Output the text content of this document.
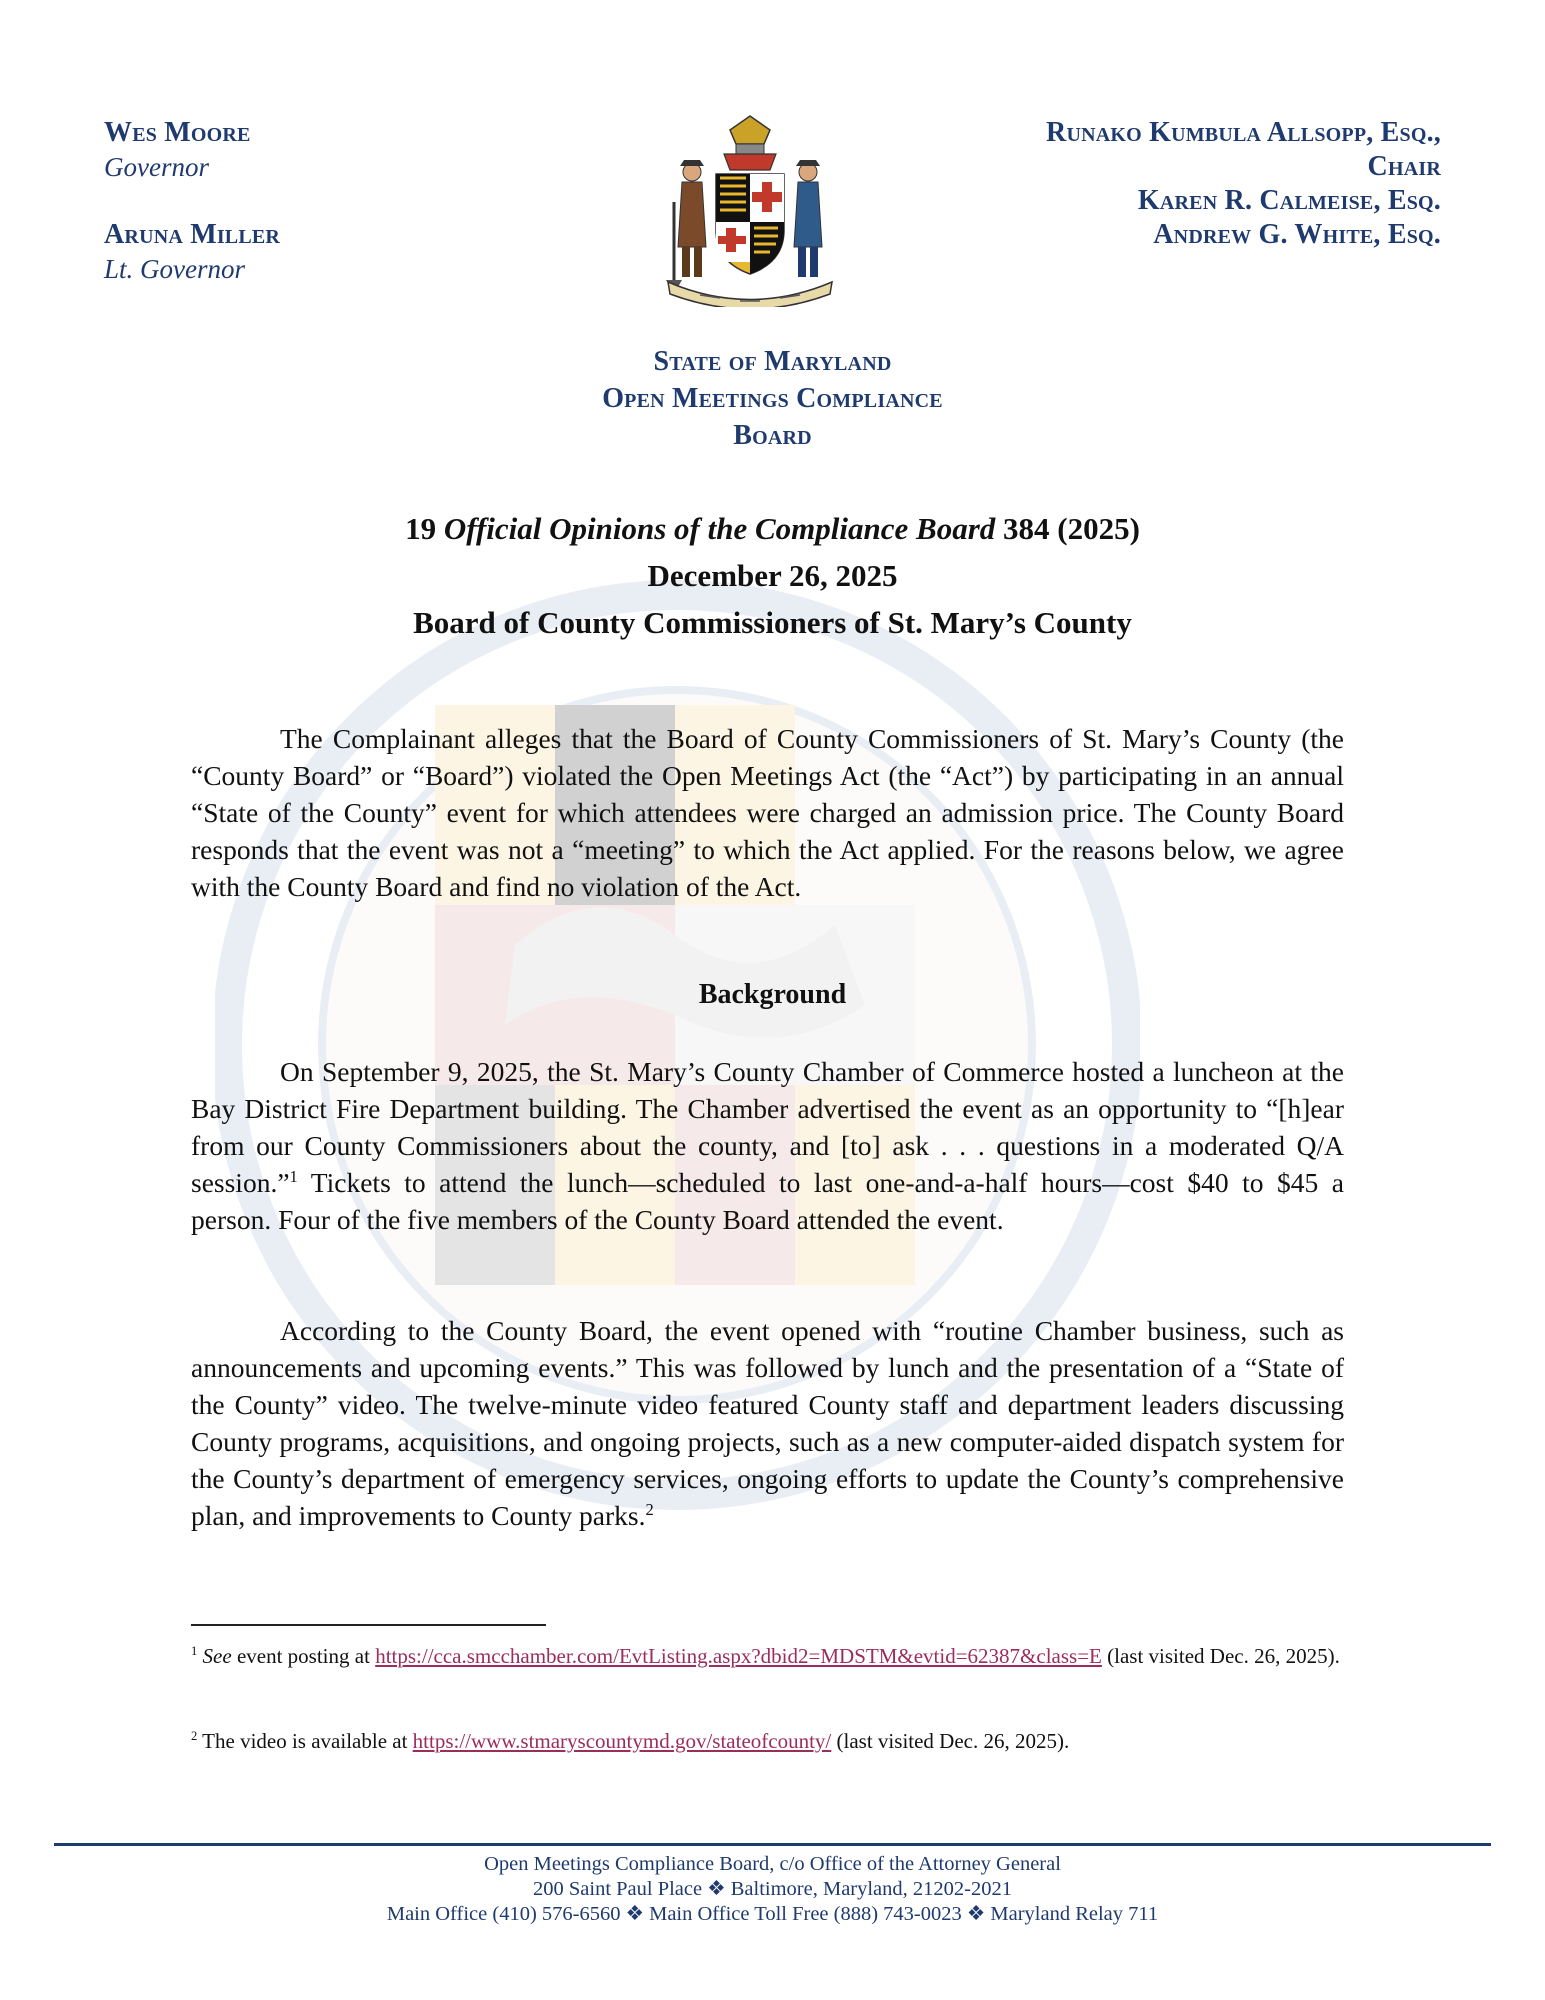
Wes Moore
Governor
Aruna Miller
Lt. Governor
Runako Kumbula Allsopp, Esq.,
Chair
Karen R. Calmeise, Esq.
Andrew G. White, Esq.
State of Maryland
Open Meetings Compliance
Board
19 Official Opinions of the Compliance Board 384 (2025)
December 26, 2025
Board of County Commissioners of St. Mary’s County

The Complainant alleges that the Board of County Commissioners of St. Mary’s County (the “County Board” or “Board”) violated the Open Meetings Act (the “Act”) by participating in an annual “State of the County” event for which attendees were charged an admission price. The County Board responds that the event was not a “meeting” to which the Act applied. For the reasons below, we agree with the County Board and find no violation of the Act.

Background

On September 9, 2025, the St. Mary’s County Chamber of Commerce hosted a luncheon at the Bay District Fire Department building. The Chamber advertised the event as an opportunity to “[h]ear from our County Commissioners about the county, and [to] ask . . . questions in a moderated Q/A session.”$^1$ Tickets to attend the lunch—scheduled to last one-and-a-half hours—cost $40 to $45 a person. Four of the five members of the County Board attended the event.

According to the County Board, the event opened with “routine Chamber business, such as announcements and upcoming events.” This was followed by lunch and the presentation of a “State of the County” video. The twelve-minute video featured County staff and department leaders discussing County programs, acquisitions, and ongoing projects, such as a new computer-aided dispatch system for the County’s department of emergency services, ongoing efforts to update the County’s comprehensive plan, and improvements to County parks.$^2$

$^1$ See event posting at https://cca.smcchamber.com/EvtListing.aspx?dbid2=MDSTM&evtid=62387&class=E (last visited Dec. 26, 2025).
$^2$ The video is available at https://www.stmaryscountymd.gov/stateofcounty/ (last visited Dec. 26, 2025).
Open Meetings Compliance Board, c/o Office of the Attorney General
200 Saint Paul Place ❖ Baltimore, Maryland, 21202-2021
Main Office (410) 576-6560 ❖ Main Office Toll Free (888) 743-0023 ❖ Maryland Relay 711
